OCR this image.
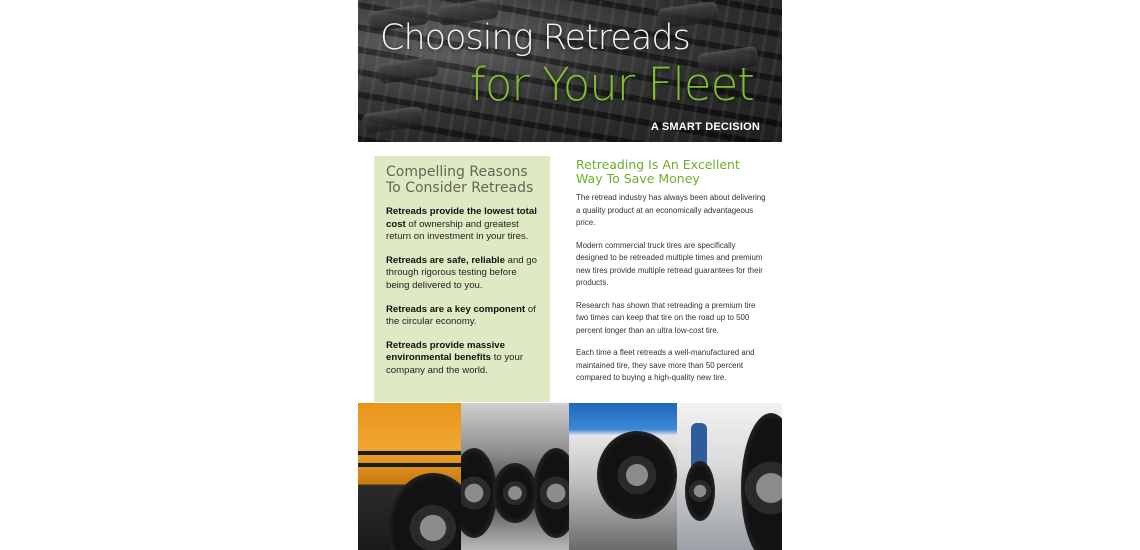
Choosing Retreads
for Your Fleet
A SMART DECISION
Compelling Reasons
To Consider Retreads

Retreads provide the lowest total cost of ownership and greatest return on investment in your tires.

Retreads are safe, reliable and go through rigorous testing before being delivered to you.

Retreads are a key component of the circular economy.

Retreads provide massive environmental benefits to your company and the world.

Retreading Is An Excellent
Way To Save Money

The retread industry has always been about delivering a quality product at an economically advantageous price.

Modern commercial truck tires are specifically designed to be retreaded multiple times and premium new tires provide multiple retread guarantees for their products.

Research has shown that retreading a premium tire two times can keep that tire on the road up to 500 percent longer than an ultra low-cost tire.

Each time a fleet retreads a well-manufactured and maintained tire, they save more than 50 percent compared to buying a high-quality new tire.
